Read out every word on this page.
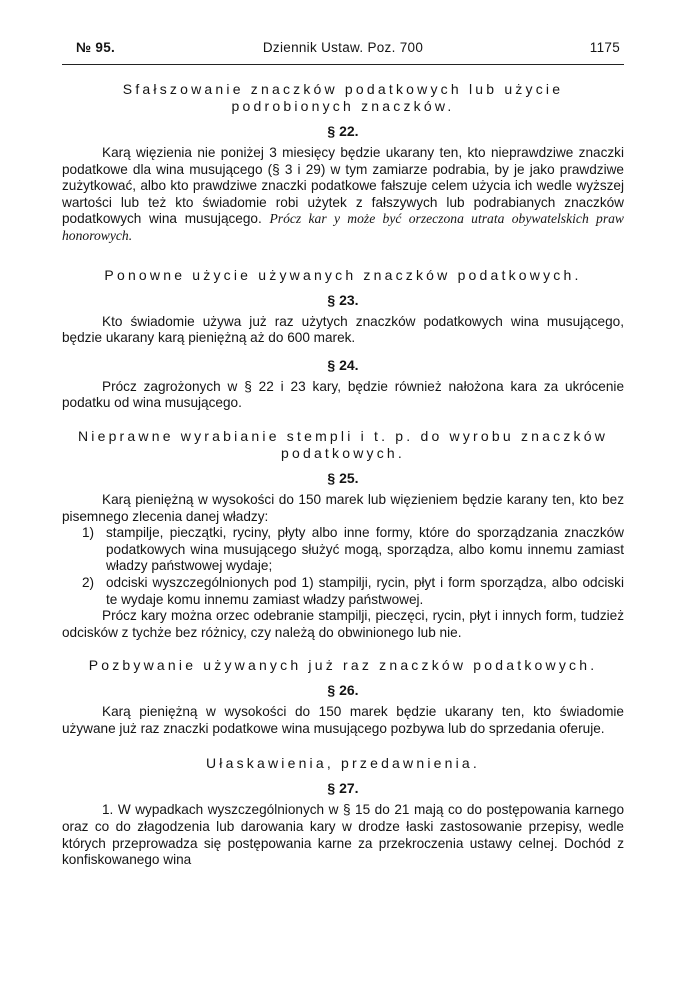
№ 95.	Dziennik Ustaw. Poz. 700	1175
Sfałszowanie znaczków podatkowych lub użycie podrobionych znaczków.
§ 22.

Karą więzienia nie poniżej 3 miesięcy będzie ukarany ten, kto nieprawdziwe znaczki podatkowe dla wina musującego (§ 3 i 29) w tym zamiarze podrabia, by je jako prawdziwe zużytkować, albo kto prawdziwe znaczki podatkowe fałszuje celem użycia ich wedle wyższej wartości lub też kto świadomie robi użytek z fałszywych lub podrabianych znaczków podatkowych wina musującego. Prócz kar y może być orzeczona utrata obywatelskich praw honorowych.

Ponowne użycie używanych znaczków podatkowych.
§ 23.

Kto świadomie używa już raz użytych znaczków podatkowych wina musującego, będzie ukarany karą pieniężną aż do 600 marek.

§ 24.

Prócz zagrożonych w § 22 i 23 kary, będzie również nałożona kara za ukrócenie podatku od wina musującego.

Nieprawne wyrabianie stempli i t. p. do wyrobu znaczków podatkowych.
§ 25.

Karą pieniężną w wysokości do 150 marek lub więzieniem będzie karany ten, kto bez pisemnego zlecenia danej władzy:

1) stampilje, pieczątki, ryciny, płyty albo inne formy, które do sporządzania znaczków podatkowych wina musującego służyć mogą, sporządza, albo komu innemu zamiast władzy państwowej wydaje;
2) odciski wyszczególnionych pod 1) stampilji, rycin, płyt i form sporządza, albo odciski te wydaje komu innemu zamiast władzy państwowej.

Prócz kary można orzec odebranie stampilji, pieczęci, rycin, płyt i innych form, tudzież odcisków z tychże bez różnicy, czy należą do obwinionego lub nie.

Pozbywanie używanych już raz znaczków podatkowych.
§ 26.

Karą pieniężną w wysokości do 150 marek będzie ukarany ten, kto świadomie używane już raz znaczki podatkowe wina musującego pozbywa lub do sprzedania oferuje.

Ułaskawienia, przedawnienia.
§ 27.

1. W wypadkach wyszczególnionych w § 15 do 21 mają co do postępowania karnego oraz co do złagodzenia lub darowania kary w drodze łaski zastosowanie przepisy, wedle których przeprowadza się postępowania karne za przekroczenia ustawy celnej. Dochód z konfiskowanego wina
